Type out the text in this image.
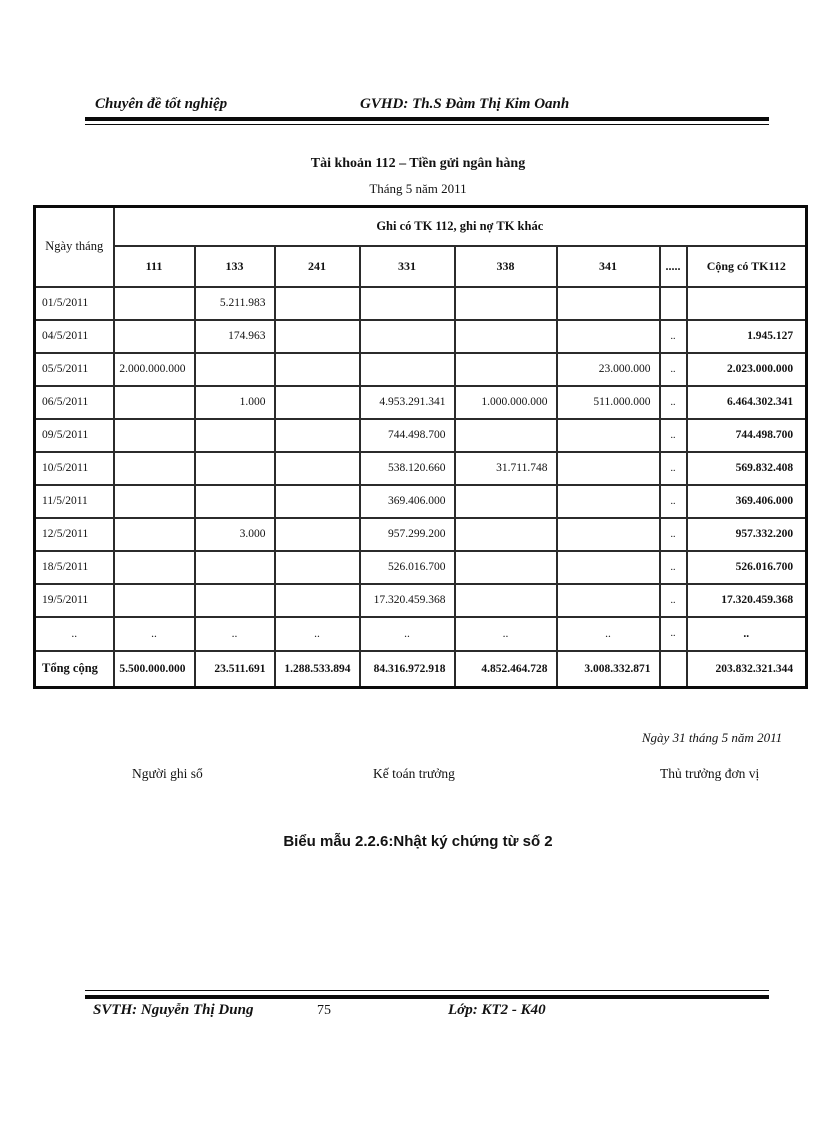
Chuyên đề tốt nghiệp	GVHD: Th.S Đàm Thị Kim Oanh
Tài khoản 112 – Tiền gửi ngân hàng
Tháng 5 năm 2011
Ngày tháng	Ghi có TK 112, ghi nợ TK khác							
	111	133	241	331	338	341	.....	Cộng có TK112
01/5/2011		5.211.983						
04/5/2011		174.963					..	1.945.127
05/5/2011	2.000.000.000					23.000.000	..	2.023.000.000
06/5/2011		1.000		4.953.291.341	1.000.000.000	511.000.000	..	6.464.302.341
09/5/2011				744.498.700			..	744.498.700
10/5/2011				538.120.660	31.711.748		..	569.832.408
11/5/2011				369.406.000			..	369.406.000
12/5/2011		3.000		957.299.200			..	957.332.200
18/5/2011				526.016.700			..	526.016.700
19/5/2011				17.320.459.368			..	17.320.459.368
..	..	..	..	..	..	..	..	..
Tổng cộng	5.500.000.000	23.511.691	1.288.533.894	84.316.972.918	4.852.464.728	3.008.332.871		203.832.321.344
Ngày 31 tháng 5 năm 2011
Người ghi sổ	Kế toán trưởng	Thủ trưởng đơn vị
Biểu mẫu 2.2.6:Nhật ký chứng từ số 2
SVTH: Nguyễn Thị Dung	75	Lớp: KT2 - K40
